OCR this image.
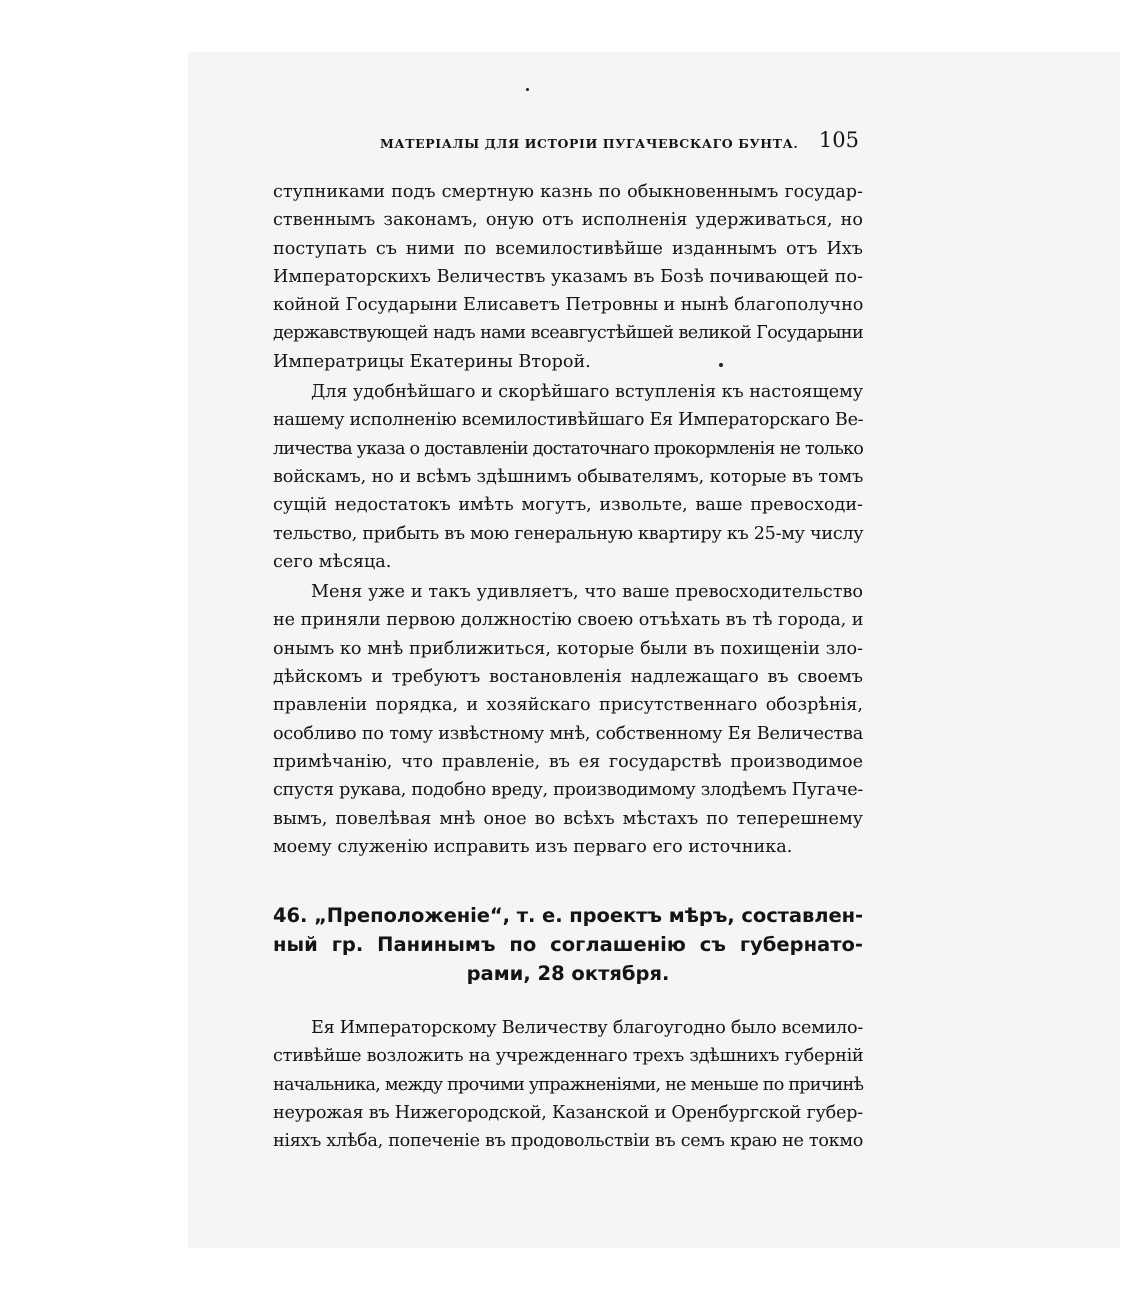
МАТЕРІАЛЫ ДЛЯ ИСТОРІИ ПУГАЧЕВСКАГО БУНТА. 105

ступниками подъ смертную казнь по обыкновеннымъ государ-
ственнымъ законамъ, оную отъ исполненія удерживаться, но
поступать съ ними по всемилостивѣйше изданнымъ отъ Ихъ
Императорскихъ Величествъ указамъ въ Бозѣ почивающей по-
койной Государыни Елисаветъ Петровны и нынѣ благополучно
державствующей надъ нами всеавгустѣйшей великой Государыни
Императрицы Екатерины Второй.

Для удобнѣйшаго и скорѣйшаго вступленія къ настоящему
нашему исполненію всемилостивѣйшаго Ея Императорскаго Ве-
личества указа о доставленіи достаточнаго прокормленія не только
войскамъ, но и всѣмъ здѣшнимъ обывателямъ, которые въ томъ
сущій недостатокъ имѣть могутъ, извольте, ваше превосходи-
тельство, прибыть въ мою генеральную квартиру къ 25-му числу
сего мѣсяца.

Меня уже и такъ удивляетъ, что ваше превосходительство
не приняли первою должностію своею отъѣхать въ тѣ города, и
онымъ ко мнѣ приближиться, которые были въ похищеніи зло-
дѣйскомъ и требуютъ востановленія надлежащаго въ своемъ
правленіи порядка, и хозяйскаго присутственнаго обозрѣнія,
особливо по тому извѣстному мнѣ, собственному Ея Величества
примѣчанію, что правленіе, въ ея государствѣ производимое
спустя рукава, подобно вреду, производимому злодѣемъ Пугаче-
вымъ, повелѣвая мнѣ оное во всѣхъ мѣстахъ по теперешнему
моему служенію исправить изъ перваго его источника.

46. „Преположеніе“, т. е. проектъ мѣръ, составлен-
ный гр. Панинымъ по соглашенію съ губернато-
рами, 28 октября.

Ея Императорскому Величеству благоугодно было всемило-
стивѣйше возложить на учрежденнаго трехъ здѣшнихъ губерній
начальника, между прочими упражненіями, не меньше по причинѣ
неурожая въ Нижегородской, Казанской и Оренбургской губер-
ніяхъ хлѣба, попеченіе въ продовольствіи въ семъ краю не токмо
